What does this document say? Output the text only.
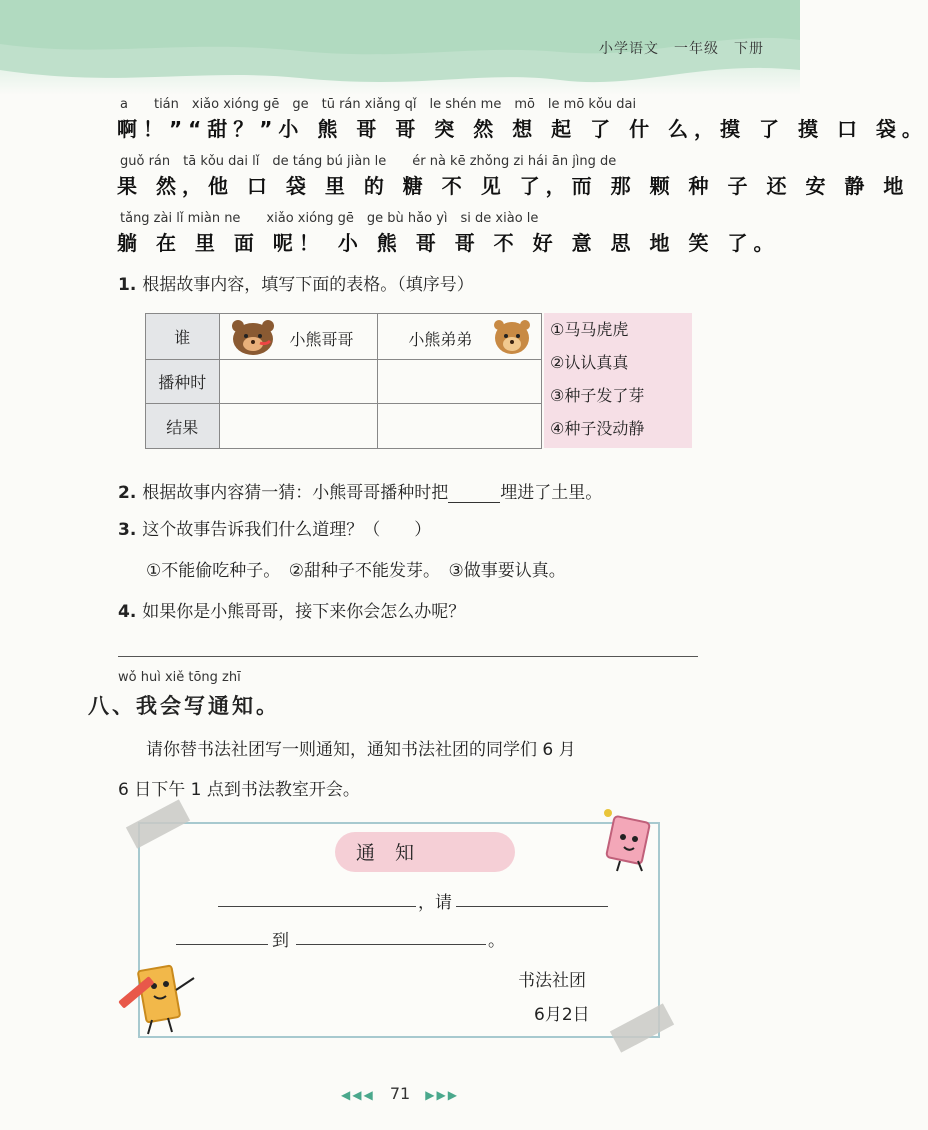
小学语文　一年级　下册
a　　tián　xiǎo xióng gē　ge　tū rán xiǎng qǐ　le shén me　mō　le mō kǒu dai
啊！”“甜？”小 熊 哥 哥 突 然 想 起 了 什 么，摸 了 摸 口 袋。
guǒ rán　tā kǒu dai lǐ　de táng bú jiàn le　　ér nà kē zhǒng zi hái ān jìng de
果 然，他 口 袋 里 的 糖 不 见 了，而 那 颗 种 子 还 安 静 地
tǎng zài lǐ miàn ne　　xiǎo xióng gē　ge bù hǎo yì　si de xiào le
躺 在 里 面 呢！ 小 熊 哥 哥 不 好 意 思 地 笑 了。
1. 根据故事内容，填写下面的表格。（填序号）
谁	小熊哥哥	小熊弟弟

播种时		
结果		
①马马虎虎
②认认真真
③种子发了芽
④种子没动静
2. 根据故事内容猜一猜：小熊哥哥播种时把	埋进了土里。
3. 这个故事告诉我们什么道理？（　　）
①不能偷吃种子。　②甜种子不能发芽。　③做事要认真。
4. 如果你是小熊哥哥，接下来你会怎么办呢？
wǒ huì xiě tōng zhī
八、我会写通知。
请你替书法社团写一则通知，通知书法社团的同学们 6 月
6 日下午 1 点到书法教室开会。
通知
，请
到	。
书法社团
6月2日
◀◀◀ 71 ▶▶▶
